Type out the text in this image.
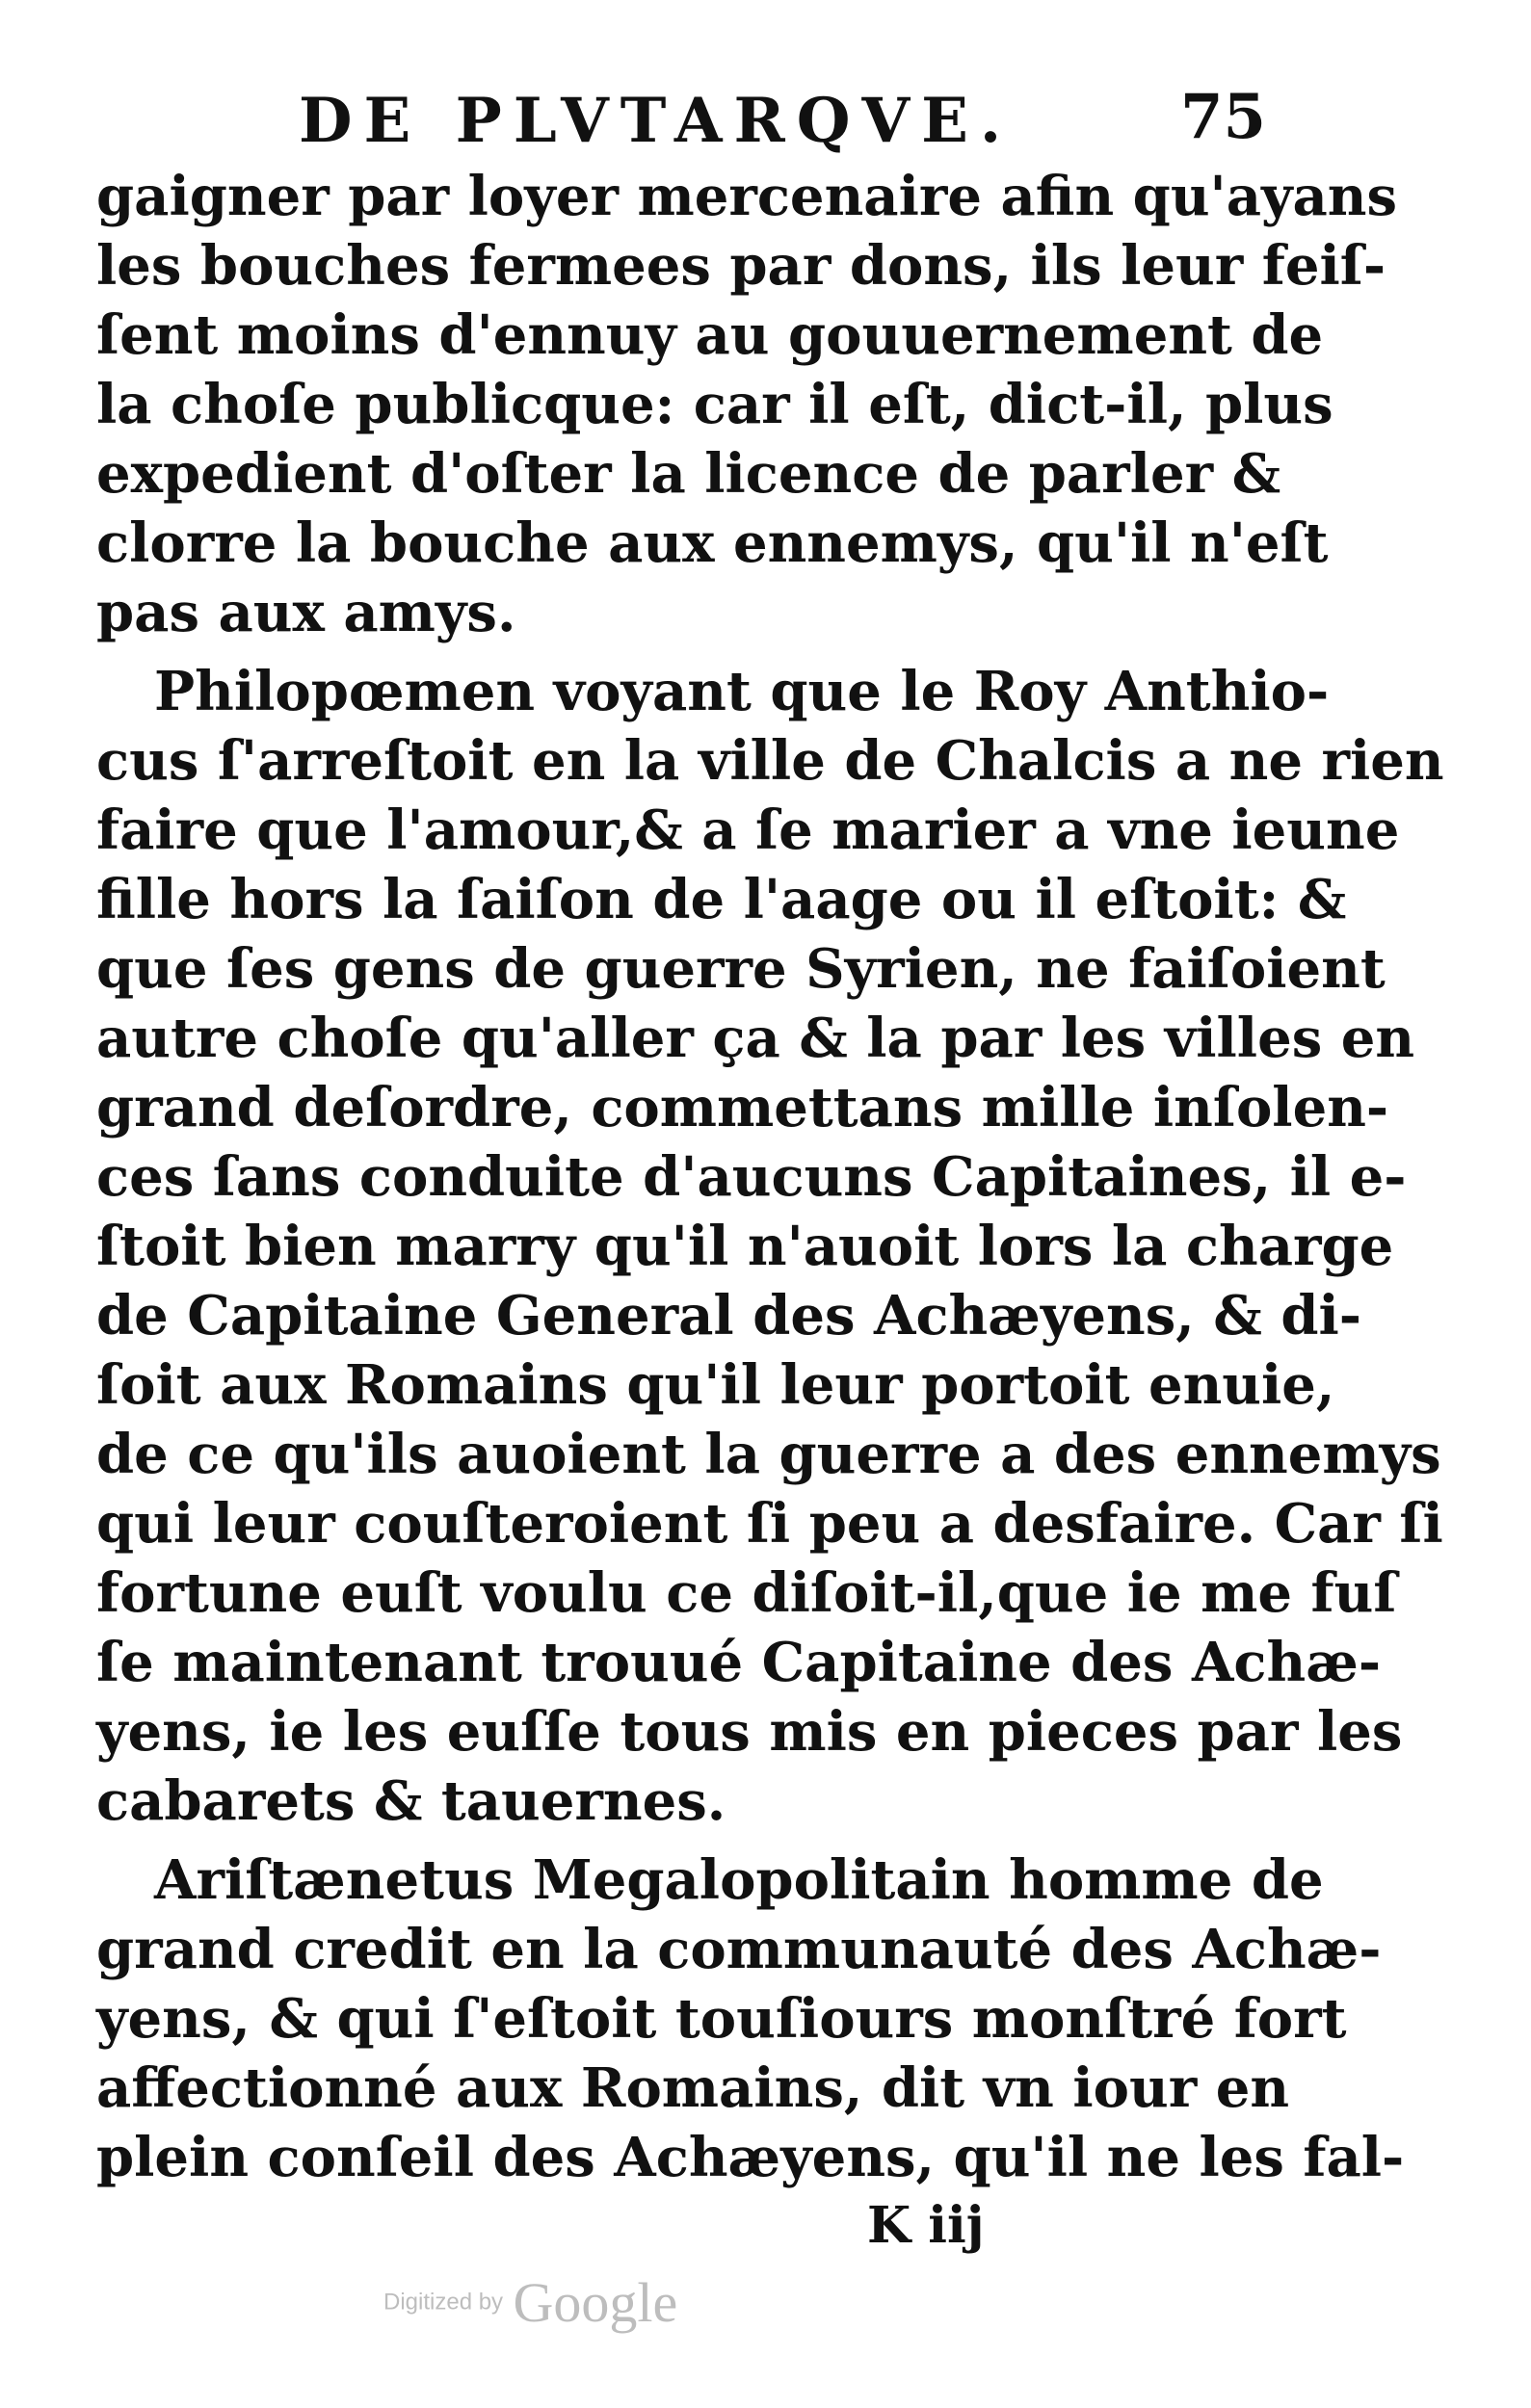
DE PLVTARQVE.	75
gaigner par loyer mercenaire afin qu'ayans
les bouches fermees par dons, ils leur feiſ-
ſent moins d'ennuy au gouuernement de
la choſe publicque: car il eſt, dict-il, plus
expedient d'oſter la licence de parler &
clorre la bouche aux ennemys, qu'il n'eſt
pas aux amys.
Philopœmen voyant que le Roy Anthio-
cus ſ'arreſtoit en la ville de Chalcis a ne rien
faire que l'amour,& a ſe marier a vne ieune
fille hors la ſaiſon de l'aage ou il eſtoit: &
que ſes gens de guerre Syrien, ne faiſoient
autre choſe qu'aller ça & la par les villes en
grand deſordre, commettans mille inſolen-
ces ſans conduite d'aucuns Capitaines, il e-
ſtoit bien marry qu'il n'auoit lors la charge
de Capitaine General des Achæyens, & di-
ſoit aux Romains qu'il leur portoit enuie,
de ce qu'ils auoient la guerre a des ennemys
qui leur couſteroient ſi peu a desfaire. Car ſi
fortune euſt voulu ce diſoit-il,que ie me fuſ
ſe maintenant trouué Capitaine des Achæ-
yens, ie les euſſe tous mis en pieces par les
cabarets & tauernes.
Ariſtænetus Megalopolitain homme de
grand credit en la communauté des Achæ-
yens, & qui ſ'eſtoit touſiours monſtré fort
affectionné aux Romains, dit vn iour en
plein conſeil des Achæyens, qu'il ne les fal-
K iij
Digitized by Google
